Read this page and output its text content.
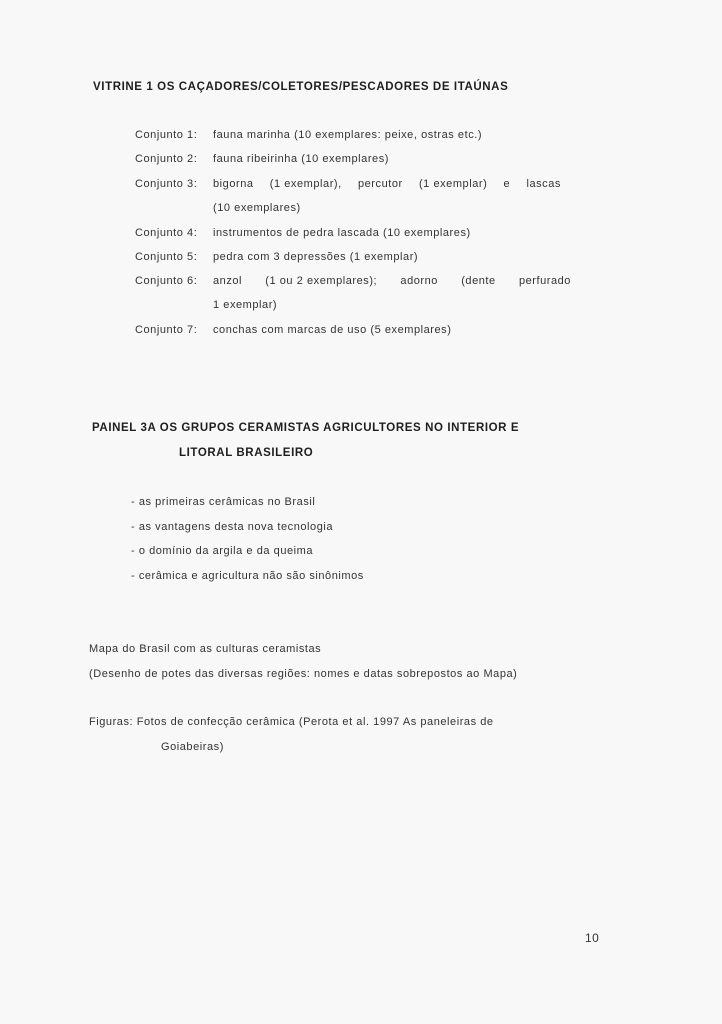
VITRINE 1 OS CAÇADORES/COLETORES/PESCADORES DE ITAÚNAS
Conjunto 1: fauna marinha (10 exemplares: peixe, ostras etc.)
Conjunto 2: fauna ribeirinha (10 exemplares)
Conjunto 3:	bigorna (1 exemplar), percutor (1 exemplar) e lascas
(10 exemplares)
Conjunto 4: instrumentos de pedra lascada (10 exemplares)
Conjunto 5: pedra com 3 depressões (1 exemplar)
Conjunto 6:	anzol (1 ou 2 exemplares); adorno (dente perfurado
1 exemplar)
Conjunto 7: conchas com marcas de uso (5 exemplares)
PAINEL 3A OS GRUPOS CERAMISTAS AGRICULTORES NO INTERIOR E
LITORAL BRASILEIRO
- as primeiras cerâmicas no Brasil
- as vantagens desta nova tecnologia
- o domínio da argila e da queima
- cerâmica e agricultura não são sinônimos
Mapa do Brasil com as culturas ceramistas
(Desenho de potes das diversas regiões: nomes e datas sobrepostos ao Mapa)
Figuras: Fotos de confecção cerâmica (Perota et al. 1997 As paneleiras de
Goiabeiras)
10
